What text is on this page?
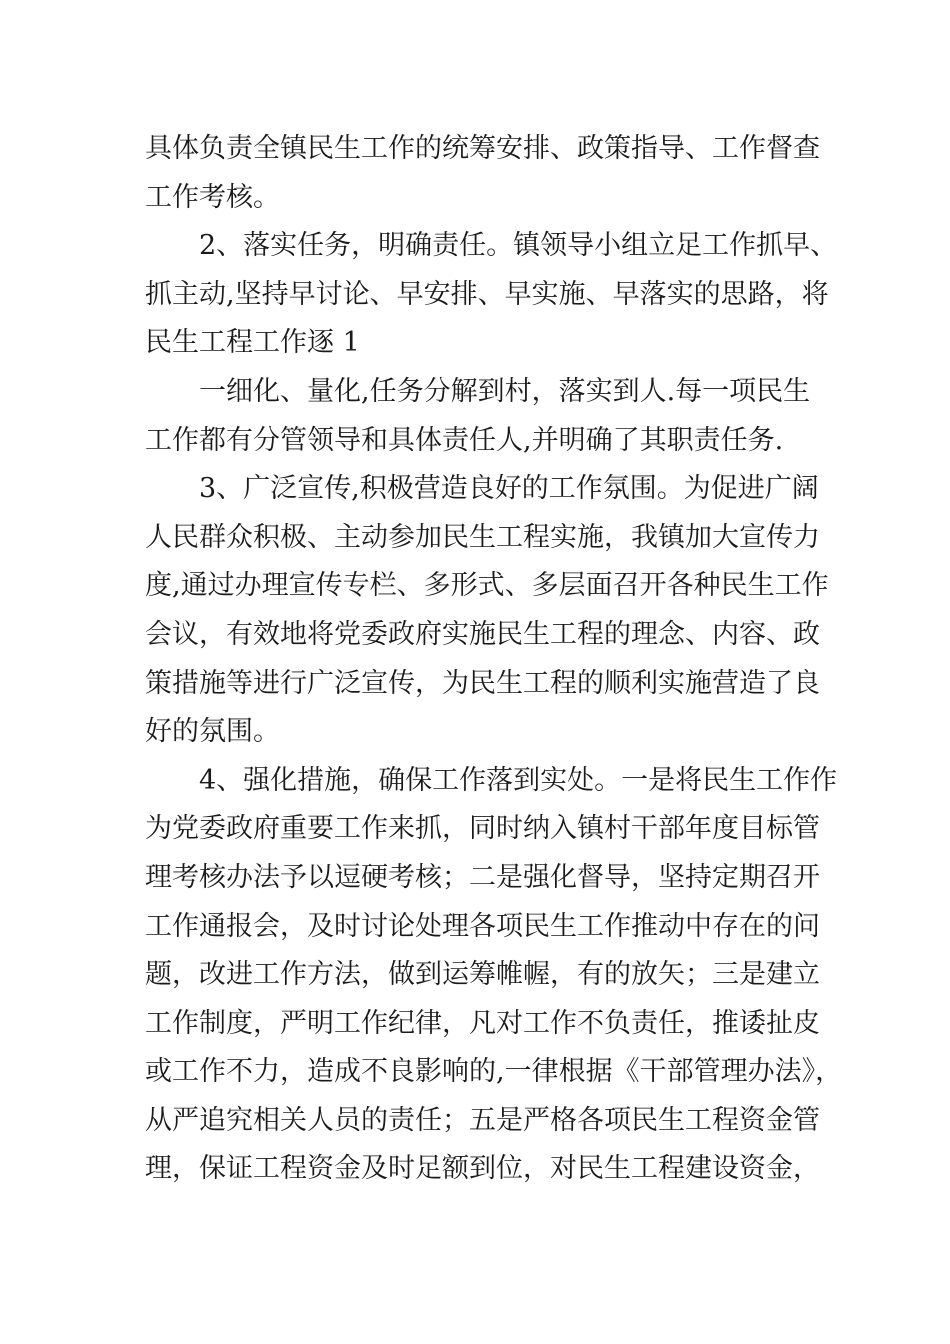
具体负责全镇民生工作的统筹安排、政策指导、工作督查
工作考核。
2、落实任务，明确责任。镇领导小组立足工作抓早、
抓主动,坚持早讨论、早安排、早实施、早落实的思路，将
民生工程工作逐 1
一细化、量化,任务分解到村，落实到人.每一项民生
工作都有分管领导和具体责任人,并明确了其职责任务.
3、广泛宣传,积极营造良好的工作氛围。为促进广阔
人民群众积极、主动参加民生工程实施，我镇加大宣传力
度,通过办理宣传专栏、多形式、多层面召开各种民生工作
会议，有效地将党委政府实施民生工程的理念、内容、政
策措施等进行广泛宣传，为民生工程的顺利实施营造了良
好的氛围。
4、强化措施，确保工作落到实处。一是将民生工作作
为党委政府重要工作来抓，同时纳入镇村干部年度目标管
理考核办法予以逗硬考核；二是强化督导，坚持定期召开
工作通报会，及时讨论处理各项民生工作推动中存在的问
题，改进工作方法，做到运筹帷幄，有的放矢；三是建立
工作制度，严明工作纪律，凡对工作不负责任，推诿扯皮
或工作不力，造成不良影响的,一律根据《干部管理办法》，
从严追究相关人员的责任；五是严格各项民生工程资金管
理，保证工程资金及时足额到位，对民生工程建设资金，
